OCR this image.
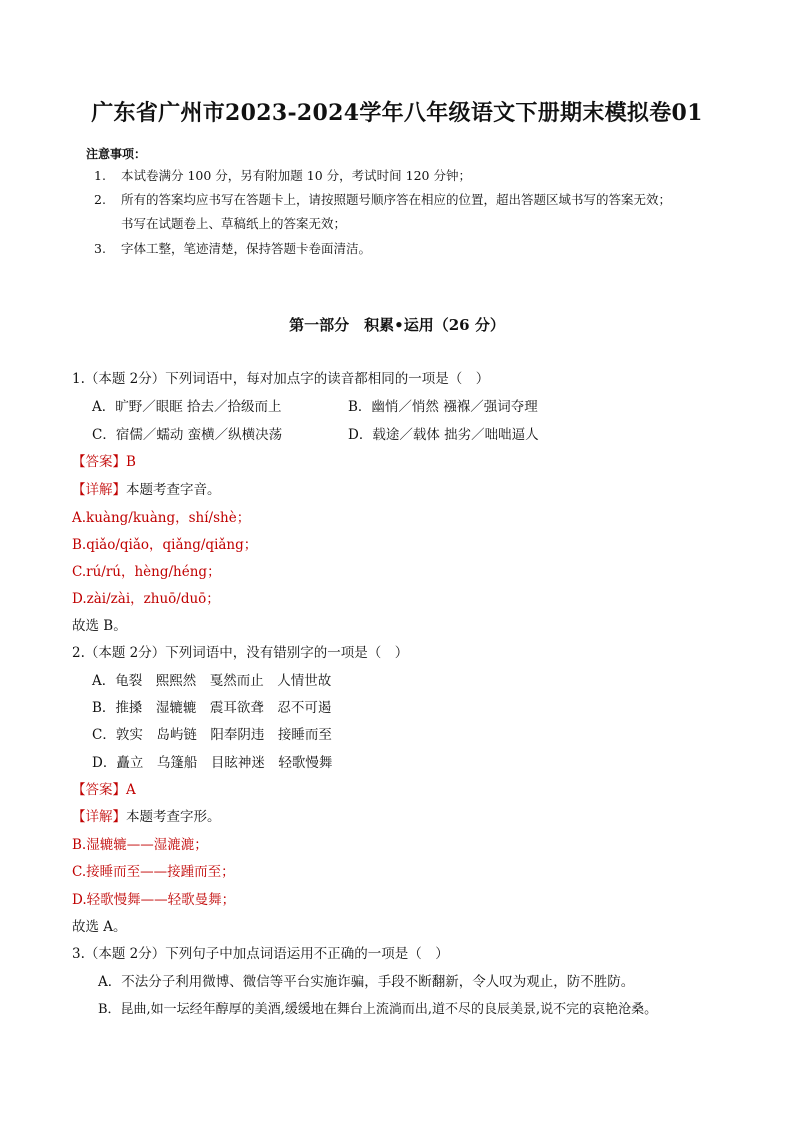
广东省广州市2023-2024学年八年级语文下册期末模拟卷01
注意事项：
1. 本试卷满分 100 分，另有附加题 10 分，考试时间 120 分钟；
2. 所有的答案均应书写在答题卡上，请按照题号顺序答在相应的位置，超出答题区域书写的答案无效；
书写在试题卷上、草稿纸上的答案无效；
3. 字体工整，笔迹清楚，保持答题卡卷面清洁。
第一部分　积累•运用（26 分）
1.（本题 2分）下列词语中，每对加点字的读音都相同的一项是（　）
A．旷野／眼眶 拾去／拾级而上	B．幽悄／悄然 襁褓／强词夺理
C．宿儒／蠕动 蛮横／纵横决荡	D．载途／载体 拙劣／咄咄逼人
【答案】B
【详解】本题考查字音。
A.kuàng/kuàng，shí/shè；
B.qiǎo/qiǎo，qiǎng/qiǎng；
C.rú/rú，hèng/héng；
D.zài/zài，zhuō/duō；
故选 B。
2.（本题 2分）下列词语中，没有错别字的一项是（　）
A．龟裂　熙熙然　戛然而止　人情世故
B．推搡　湿辘辘　震耳欲聋　忍不可遏
C．敦实　岛屿链　阳奉阴违　接睡而至
D．矗立　乌篷船　目眩神迷　轻歌慢舞
【答案】A
【详解】本题考查字形。
B.湿辘辘——湿漉漉；
C.接睡而至——接踵而至；
D.轻歌慢舞——轻歌曼舞；
故选 A。
3.（本题 2分）下列句子中加点词语运用不正确的一项是（　）
A．不法分子利用微博、微信等平台实施诈骗，手段不断翻新，令人叹为观止，防不胜防。
B．昆曲,如一坛经年醇厚的美酒,缓缓地在舞台上流淌而出,道不尽的良辰美景,说不完的哀艳沧桑。
